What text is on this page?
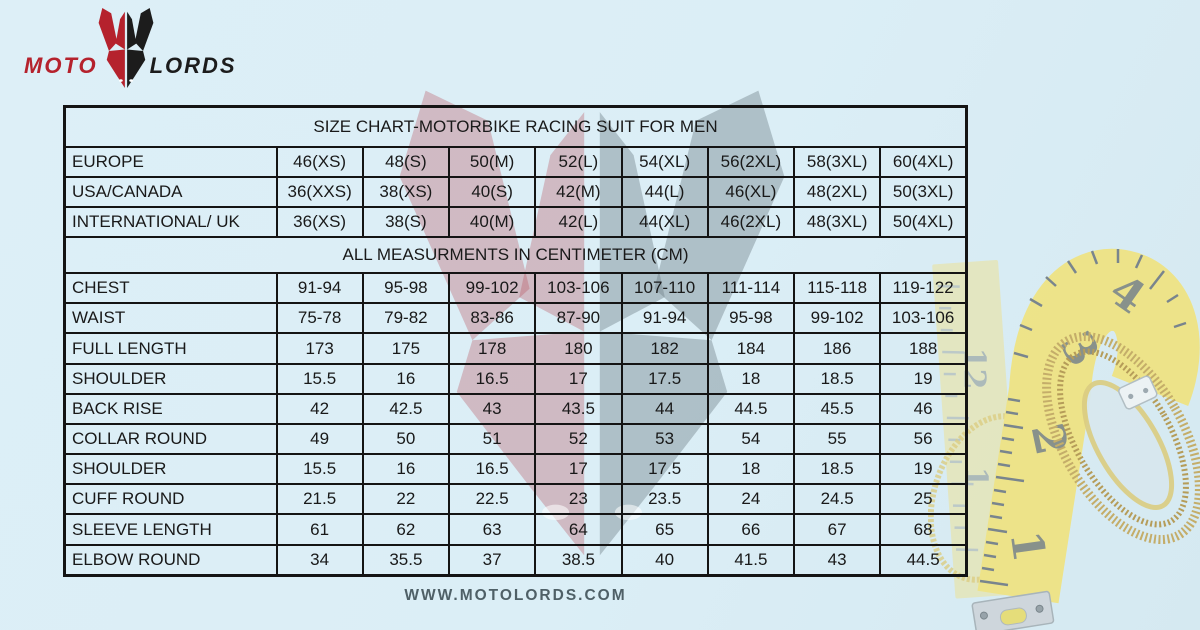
12
1
1
2
3
4
MOTO LORDS
SIZE CHART-MOTORBIKE RACING SUIT FOR MEN								
EUROPE	46(XS)	48(S)	50(M)	52(L)	54(XL)	56(2XL)	58(3XL)	60(4XL)
USA/CANADA	36(XXS)	38(XS)	40(S)	42(M)	44(L)	46(XL)	48(2XL)	50(3XL)
INTERNATIONAL/ UK	36(XS)	38(S)	40(M)	42(L)	44(XL)	46(2XL)	48(3XL)	50(4XL)
ALL MEASURMENTS IN CENTIMETER (CM)								
CHEST	91-94	95-98	99-102	103-106	107-110	111-114	115-118	119-122
WAIST	75-78	79-82	83-86	87-90	91-94	95-98	99-102	103-106
FULL LENGTH	173	175	178	180	182	184	186	188
SHOULDER	15.5	16	16.5	17	17.5	18	18.5	19
BACK RISE	42	42.5	43	43.5	44	44.5	45.5	46
COLLAR ROUND	49	50	51	52	53	54	55	56
SHOULDER	15.5	16	16.5	17	17.5	18	18.5	19
CUFF ROUND	21.5	22	22.5	23	23.5	24	24.5	25
SLEEVE LENGTH	61	62	63	64	65	66	67	68
ELBOW ROUND	34	35.5	37	38.5	40	41.5	43	44.5
WWW.MOTOLORDS.COM
